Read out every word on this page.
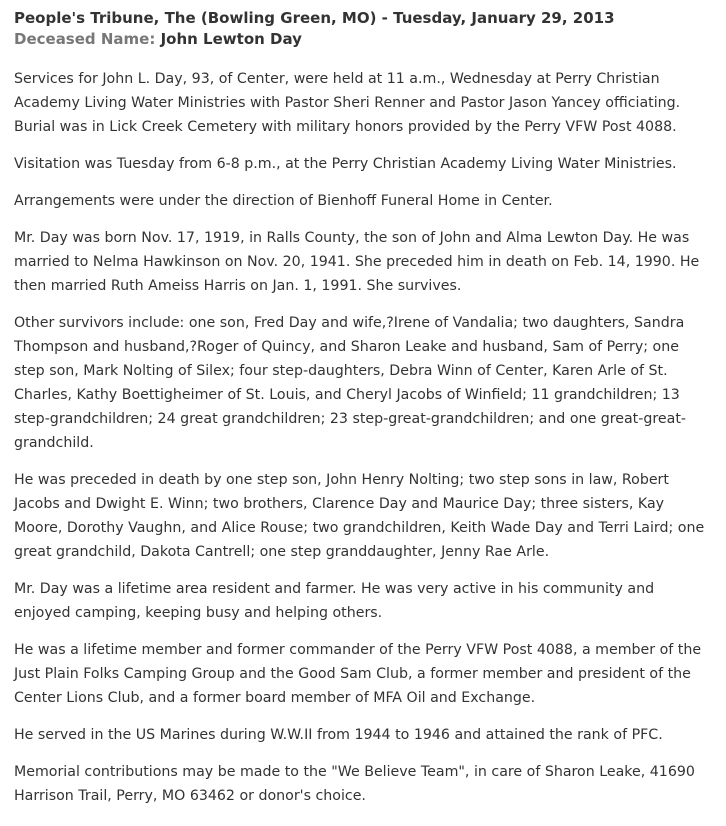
People's Tribune, The (Bowling Green, MO) - Tuesday, January 29, 2013
Deceased Name: John Lewton Day

Services for John L. Day, 93, of Center, were held at 11 a.m., Wednesday at Perry Christian Academy Living Water Ministries with Pastor Sheri Renner and Pastor Jason Yancey officiating. Burial was in Lick Creek Cemetery with military honors provided by the Perry VFW Post 4088.

Visitation was Tuesday from 6-8 p.m., at the Perry Christian Academy Living Water Ministries.

Arrangements were under the direction of Bienhoff Funeral Home in Center.

Mr. Day was born Nov. 17, 1919, in Ralls County, the son of John and Alma Lewton Day. He was married to Nelma Hawkinson on Nov. 20, 1941. She preceded him in death on Feb. 14, 1990. He then married Ruth Ameiss Harris on Jan. 1, 1991. She survives.

Other survivors include: one son, Fred Day and wife,?Irene of Vandalia; two daughters, Sandra Thompson and husband,?Roger of Quincy, and Sharon Leake and husband, Sam of Perry; one step son, Mark Nolting of Silex; four step-daughters, Debra Winn of Center, Karen Arle of St. Charles, Kathy Boettigheimer of St. Louis, and Cheryl Jacobs of Winfield; 11 grandchildren; 13 step-grandchildren; 24 great grandchildren; 23 step-great-grandchildren; and one great-great-grandchild.

He was preceded in death by one step son, John Henry Nolting; two step sons in law, Robert Jacobs and Dwight E. Winn; two brothers, Clarence Day and Maurice Day; three sisters, Kay Moore, Dorothy Vaughn, and Alice Rouse; two grandchildren, Keith Wade Day and Terri Laird; one great grandchild, Dakota Cantrell; one step granddaughter, Jenny Rae Arle.

Mr. Day was a lifetime area resident and farmer. He was very active in his community and enjoyed camping, keeping busy and helping others.

He was a lifetime member and former commander of the Perry VFW Post 4088, a member of the Just Plain Folks Camping Group and the Good Sam Club, a former member and president of the Center Lions Club, and a former board member of MFA Oil and Exchange.

He served in the US Marines during W.W.II from 1944 to 1946 and attained the rank of PFC.

Memorial contributions may be made to the "We Believe Team", in care of Sharon Leake, 41690 Harrison Trail, Perry, MO 63462 or donor's choice.
